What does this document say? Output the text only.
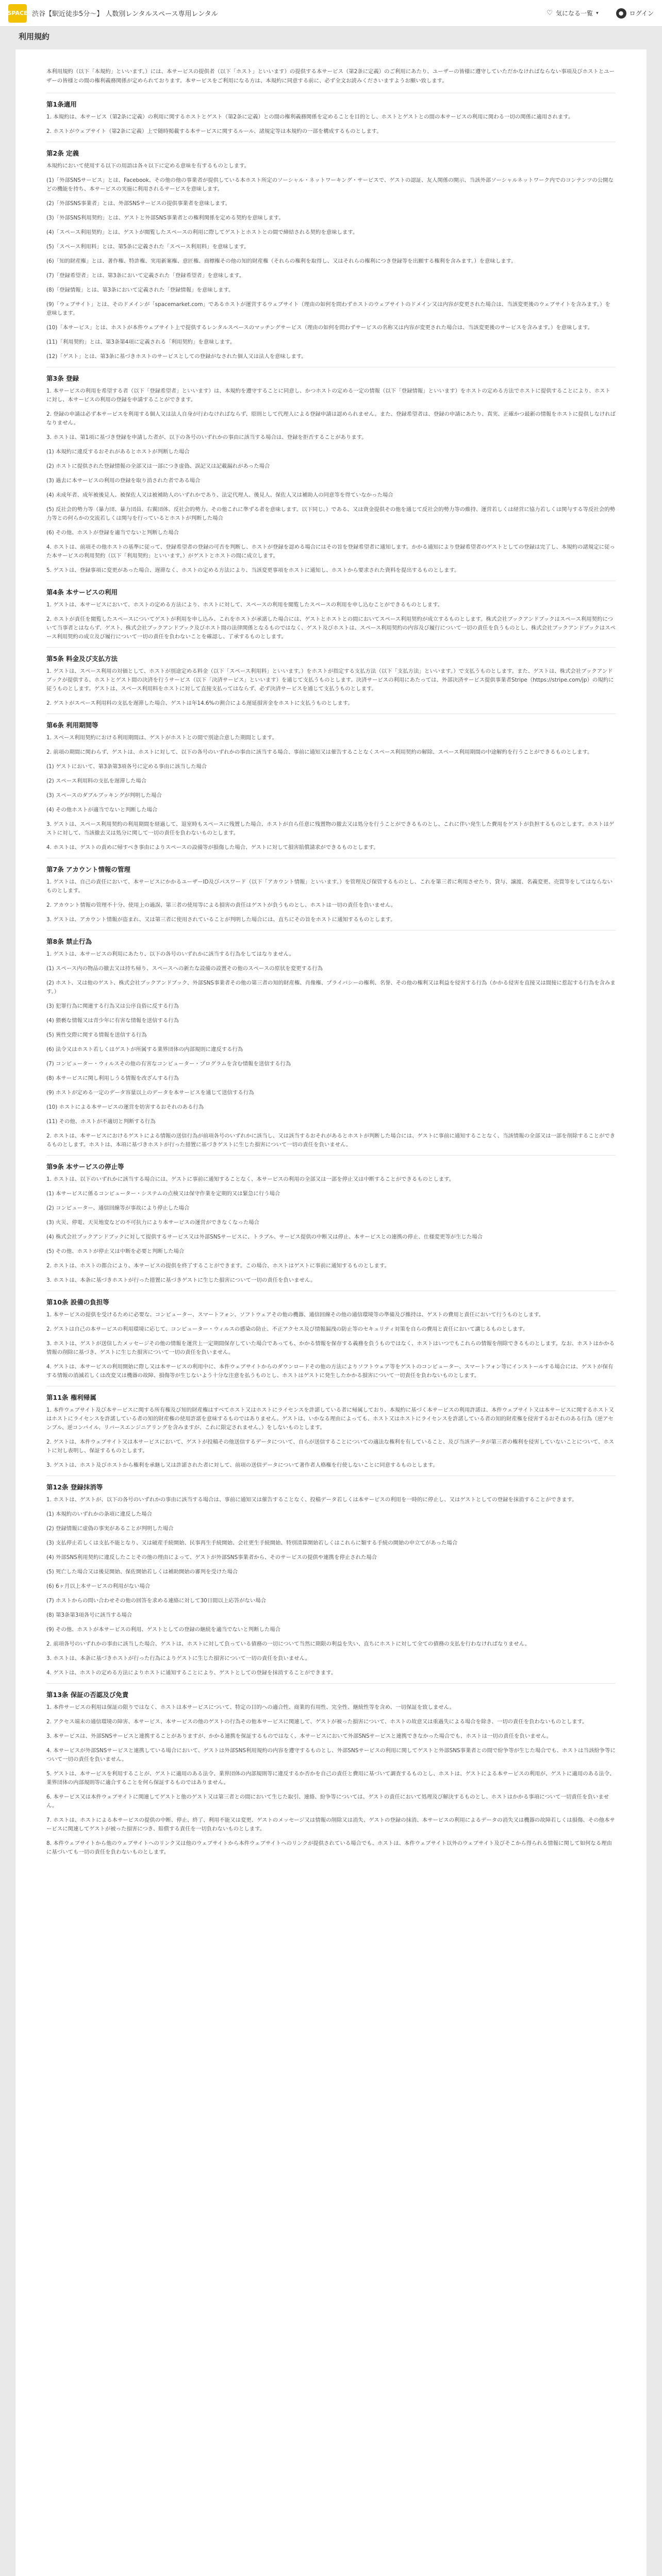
SPACE 渋谷【駅近徒歩5分〜】 人数別レンタルスペース専用レンタル	♡ 気になる一覧 ▾	● ログイン
利用規約

本利用規約（以下「本規約」といいます。）には、本サービスの提供者（以下「ホスト」といいます）の提供する本サービス（第2条に定義）のご利用にあたり、ユーザーの皆様に遵守していただかなければならない事項及びホストとユーザーの皆様との間の権利義務関係が定められております。本サービスをご利用になる方は、本規約に同意する前に、必ず全文お読みくださいますようお願い致します。

第1条適用

1. 本規約は、本サービス（第2条に定義）の利用に関するホストとゲスト（第2条に定義）との間の権利義務関係を定めることを目的とし、ホストとゲストとの間の本サービスの利用に関わる一切の関係に適用されます。

2. ホストがウェブサイト（第2条に定義）上で随時掲載する本サービスに関するルール、諸規定等は本規約の一部を構成するものとします。

第2条 定義

本規約において使用する以下の用語は各々以下に定める意味を有するものとします。

(1)「外部SNSサービス」とは、Facebook、その他の他の事業者が提供している本ホスト所定のソーシャル・ネットワーキング・サービスで、ゲストの認証、友人関係の開示、当該外部ソーシャルネットワーク内でのコンテンツの公開などの機能を持ち、本サービスの実施に利用されるサービスを意味します。

(2)「外部SNS事業者」とは、外部SNSサービスの提供事業者を意味します。

(3)「外部SNS利用契約」とは、ゲストと外部SNS事業者との権利関係を定める契約を意味します。

(4)「スペース利用契約」とは、ゲストが閲覧したスペースの利用に際してゲストとホストとの間で締結される契約を意味します。

(5)「スペース利用料」とは、第5条に定義された「スペース利用料」を意味します。

(6)「知的財産権」とは、著作権、特許権、実用新案権、意匠権、商標権その他の知的財産権（それらの権利を取得し、又はそれらの権利につき登録等を出願する権利を含みます。）を意味します。

(7)「登録希望者」とは、第3条において定義された「登録希望者」を意味します。

(8)「登録情報」とは、第3条において定義された「登録情報」を意味します。

(9)「ウェブサイト」とは、そのドメインが「spacemarket.com」であるホストが運営するウェブサイト（理由の如何を問わずホストのウェブサイトのドメイン又は内容が変更された場合は、当該変更後のウェブサイトを含みます。）を意味します。

(10)「本サービス」とは、ホストが本件ウェブサイト上で提供するレンタルスペースのマッチングサービス（理由の如何を問わずサービスの名称又は内容が変更された場合は、当該変更後のサービスを含みます。）を意味します。

(11)「利用契約」とは、第3条第4項に定義される「利用契約」を意味します。

(12)「ゲスト」とは、第3条に基づきホストのサービスとしての登録がなされた個人又は法人を意味します。

第3条 登録

1. 本サービスの利用を希望する者（以下「登録希望者」といいます）は、本規約を遵守することに同意し、かつホストの定める一定の情報（以下「登録情報」といいます）をホストの定める方法でホストに提供することにより、ホストに対し、本サービスの利用の登録を申請することができます。

2. 登録の申請は必ず本サービスを利用する個人又は法人自身が行わなければならず、原則として代理人による登録申請は認められません。また、登録希望者は、登録の申請にあたり、真実、正確かつ最新の情報をホストに提供しなければなりません。

3. ホストは、第1項に基づき登録を申請した者が、以下の各号のいずれかの事由に該当する場合は、登録を拒否することがあります。

(1) 本規約に違反するおそれがあるとホストが判断した場合

(2) ホストに提供された登録情報の全部又は一部につき虚偽、誤記又は記載漏れがあった場合

(3) 過去に本サービスの利用の登録を取り消された者である場合

(4) 未成年者、成年被後見人、被保佐人又は被補助人のいずれかであり、法定代理人、後見人、保佐人又は補助人の同意等を得ていなかった場合

(5) 反社会的勢力等（暴力団、暴力団員、右翼団体、反社会的勢力、その他これに準ずる者を意味します。以下同じ。）である、又は資金提供その他を通じて反社会的勢力等の維持、運営若しくは経営に協力若しくは関与する等反社会的勢力等との何らかの交流若しくは関与を行っているとホストが判断した場合

(6) その他、ホストが登録を適当でないと判断した場合

4. ホストは、前項その他ホストの基準に従って、登録希望者の登録の可否を判断し、ホストが登録を認める場合にはその旨を登録希望者に通知します。かかる通知により登録希望者のゲストとしての登録は完了し、本規約の諸規定に従った本サービスの利用契約（以下「利用契約」といいます。）がゲストとホストの間に成立します。

5. ゲストは、登録事項に変更があった場合、遅滞なく、ホストの定める方法により、当該変更事項をホストに通知し、ホストから要求された資料を提出するものとします。

第4条 本サービスの利用

1. ゲストは、本サービスにおいて、ホストの定める方法により、ホストに対して、スペースの利用を閲覧したスペースの利用を申し込むことができるものとします。

2. ホストが責任を閲覧したスペースについてゲストが利用を申し込み、これをホストが承諾した場合には、ゲストとホストとの間においてスペース利用契約が成立するものとします。株式会社ブックアンドブックはスペース利用契約について当事者とはならず、ゲスト、株式会社ブックアンドブック及びホスト間の法律関係となるものではなく、ゲスト及びホストは、スペース利用契約の内容及び履行について一切の責任を負うものとし、株式会社ブックアンドブックはスペース利用契約の成立及び履行について一切の責任を負わないことを確認し、了承するものとします。

第5条 料金及び支払方法

1. ゲストは、スペース利用の対価として、ホストが別途定める料金（以下「スペース利用料」といいます。）をホストが指定する支払方法（以下「支払方法」といいます。）で支払うものとします。また、ゲストは、株式会社ブックアンドブックが提供する、ホストとゲスト間の決済を行うサービス（以下「決済サービス」といいます）を通じて支払うものとします。決済サービスの利用にあたっては、外部決済サービス提供事業者Stripe（https://stripe.com/jp）の規約に従うものとします。ゲストは、スペース利用料をホストに対して直接支払ってはならず、必ず決済サービスを通じて支払うものとします。

2. ゲストがスペース利用料の支払を遅滞した場合、ゲストは年14.6%の割合による遅延損害金をホストに支払うものとします。

第6条 利用期間等

1. スペース利用契約における利用期間は、ゲストがホストとの間で別途合意した期間とします。

2. 前項の期間に関わらず、ゲストは、ホストに対して、以下の各号のいずれかの事由に該当する場合、事前に通知又は催告することなくスペース利用契約の解除、スペース利用期間の中途解約を行うことができるものとします。

(1) ゲストにおいて、第3条第3項各号に定める事由に該当した場合

(2) スペース利用料の支払を遅滞した場合

(3) スペースのダブルブッキングが判明した場合

(4) その他ホストが適当でないと判断した場合

3. ゲストは、スペース利用契約の利用期間を経過して、退室時もスペースに残置した場合、ホストが自ら任意に残置物の撤去又は処分を行うことができるものとし、これに伴い発生した費用をゲストが負担するものとします。ホストはゲストに対して、当該撤去又は処分に関して一切の責任を負わないものとします。

4. ホストは、ゲストの責めに帰すべき事由によりスペースの設備等が損傷した場合、ゲストに対して損害賠償請求ができるものとします。

第7条 アカウント情報の管理

1. ゲストは、自己の責任において、本サービスにかかるユーザーID及びパスワード（以下「アカウント情報」といいます。）を管理及び保管するものとし、これを第三者に利用させたり、貸与、譲渡、名義変更、売買等をしてはならないものとします。

2. アカウント情報の管理不十分、使用上の過誤、第三者の使用等による損害の責任はゲストが負うものとし、ホストは一切の責任を負いません。

3. ゲストは、アカウント情報が盗まれ、又は第三者に使用されていることが判明した場合には、直ちにその旨をホストに通知するものとします。

第8条 禁止行為

1. ゲストは、本サービスの利用にあたり、以下の各号のいずれかに該当する行為をしてはなりません。

(1) スペース内の物品の撤去又は持ち帰り、スペースへの新たな設備の設置その他のスペースの原状を変更する行為

(2) ホスト、又は他のゲスト、株式会社ブックアンドブック、外部SNS事業者その他の第三者の知的財産権、肖像権、プライバシーの権利、名誉、その他の権利又は利益を侵害する行為（かかる侵害を直接又は間接に惹起する行為を含みます。）

(3) 犯罪行為に関連する行為又は公序良俗に反する行為

(4) 猥褻な情報又は青少年に有害な情報を送信する行為

(5) 異性交際に関する情報を送信する行為

(6) 法令又はホスト若しくはゲストが所属する業界団体の内部規則に違反する行為

(7) コンピューター・ウィルスその他の有害なコンピューター・プログラムを含む情報を送信する行為

(8) 本サービスに関し利用しうる情報を改ざんする行為

(9) ホストが定める一定のデータ容量以上のデータを本サービスを通じて送信する行為

(10) ホストによる本サービスの運営を妨害するおそれのある行為

(11) その他、ホストが不適切と判断する行為

2. ホストは、本サービスにおけるゲストによる情報の送信行為が前項各号のいずれかに該当し、又は該当するおそれがあるとホストが判断した場合には、ゲストに事前に通知することなく、当該情報の全部又は一部を削除することができるものとします。ホストは、本項に基づきホストが行った措置に基づきゲストに生じた損害について一切の責任を負いません。

第9条 本サービスの停止等

1. ホストは、以下のいずれかに該当する場合には、ゲストに事前に通知することなく、本サービスの利用の全部又は一部を停止又は中断することができるものとします。

(1) 本サービスに係るコンピューター・システムの点検又は保守作業を定期的又は緊急に行う場合

(2) コンピューター、通信回線等が事故により停止した場合

(3) 火災、停電、天災地変などの不可抗力により本サービスの運営ができなくなった場合

(4) 株式会社ブックアンドブックに対して提供するサービス又は外部SNSサービスに、トラブル、サービス提供の中断又は停止、本サービスとの連携の停止、仕様変更等が生じた場合

(5) その他、ホストが停止又は中断を必要と判断した場合

2. ホストは、ホストの都合により、本サービスの提供を終了することができます。この場合、ホストはゲストに事前に通知するものとします。

3. ホストは、本条に基づきホストが行った措置に基づきゲストに生じた損害について一切の責任を負いません。

第10条 設備の負担等

1. 本サービスの提供を受けるために必要な、コンピューター、スマートフォン、ソフトウェアその他の機器、通信回線その他の通信環境等の準備及び維持は、ゲストの費用と責任において行うものとします。

2. ゲストは自己の本サービスの利用環境に応じて、コンピューター・ウィルスの感染の防止、不正アクセス及び情報漏洩の防止等のセキュリティ対策を自らの費用と責任において講じるものとします。

3. ホストは、ゲストが送信したメッセージその他の情報を運営上一定期間保存していた場合であっても、かかる情報を保存する義務を負うものではなく、ホストはいつでもこれらの情報を削除できるものとします。なお、ホストはかかる情報の削除に基づき、ゲストに生じた損害について一切の責任を負いません。

4. ゲストは、本サービスの利用開始に際し又は本サービスの利用中に、本件ウェブサイトからのダウンロードその他の方法によりソフトウェア等をゲストのコンピューター、スマートフォン等にインストールする場合には、ゲストが保有する情報の消滅若しくは改変又は機器の故障、損傷等が生じないよう十分な注意を払うものとし、ホストはゲストに発生したかかる損害について一切責任を負わないものとします。

第11条 権利帰属

1. 本件ウェブサイト及び本サービスに関する所有権及び知的財産権はすべてホスト又はホストにライセンスを許諾している者に帰属しており、本規約に基づく本サービスの利用許諾は、本件ウェブサイト又は本サービスに関するホスト又はホストにライセンスを許諾している者の知的財産権の使用許諾を意味するものではありません。ゲストは、いかなる理由によっても、ホスト又はホストにライセンスを許諾している者の知的財産権を侵害するおそれのある行為（逆アセンブル、逆コンパイル、リバースエンジニアリングを含みますが、これに限定されません。）をしないものとします。

2. ゲストは、本件ウェブサイト又は本サービスにおいて、ゲストが投稿その他送信するデータについて、自らが送信することについての適法な権利を有していること、及び当該データが第三者の権利を侵害していないことについて、ホストに対し表明し、保証するものとします。

3. ゲストは、ホスト及びホストから権利を承継し又は許諾された者に対して、前項の送信データについて著作者人格権を行使しないことに同意するものとします。

第12条 登録抹消等

1. ホストは、ゲストが、以下の各号のいずれかの事由に該当する場合は、事前に通知又は催告することなく、投稿データ若しくは本サービスの利用を一時的に停止し、又はゲストとしての登録を抹消することができます。

(1) 本規約のいずれかの条項に違反した場合

(2) 登録情報に虚偽の事実があることが判明した場合

(3) 支払停止若しくは支払不能となり、又は破産手続開始、民事再生手続開始、会社更生手続開始、特別清算開始若しくはこれらに類する手続の開始の申立てがあった場合

(4) 外部SNS利用契約に違反したことその他の理由によって、ゲストが外部SNS事業者から、そのサービスの提供や連携を停止された場合

(5) 死亡した場合又は後見開始、保佐開始若しくは補助開始の審判を受けた場合

(6) 6ヶ月以上本サービスの利用がない場合

(7) ホストからの問い合わせその他の回答を求める連絡に対して30日間以上応答がない場合

(8) 第3条第3項各号に該当する場合

(9) その他、ホストが本サービスの利用、ゲストとしての登録の継続を適当でないと判断した場合

2. 前項各号のいずれかの事由に該当した場合、ゲストは、ホストに対して負っている債務の一切について当然に期限の利益を失い、直ちにホストに対して全ての債務の支払を行わなければなりません。

3. ホストは、本条に基づきホストが行った行為によりゲストに生じた損害について一切の責任を負いません。

4. ゲストは、ホストの定める方法によりホストに通知することにより、ゲストとしての登録を抹消することができます。

第13条 保証の否認及び免責

1. 本件サービスの利用は保証の限りではなく、ホストは本サービスについて、特定の目的への適合性、商業的有用性、完全性、継続性等を含め、一切保証を致しません。

2. アクセス端末の通信環境の障害、本サービス、本サービスの他のゲストの行為その他本サービスに関連して、ゲストが被った損害について、ホストの故意又は重過失による場合を除き、一切の責任を負わないものとします。

3. 本サービスは、外部SNSサービスと連携することがありますが、かかる連携を保証するものではなく、本サービスにおいて外部SNSサービスと連携できなかった場合でも、ホストは一切の責任を負いません。

4. 本サービスが外部SNSサービスと連携している場合において、ゲストは外部SNS利用規約の内容を遵守するものとし、外部SNSサービスの利用に関してゲストと外部SNS事業者との間で紛争等が生じた場合でも、ホストは当該紛争等について一切の責任を負いません。

5. ゲストは、本サービスを利用することが、ゲストに適用のある法令、業界団体の内部規則等に違反するか否かを自己の責任と費用に基づいて調査するものとし、ホストは、ゲストによる本サービスの利用が、ゲストに適用のある法令、業界団体の内部規則等に適合することを何ら保証するものではありません。

6. 本サービス又は本件ウェブサイトに関連してゲストと他のゲスト又は第三者との間において生じた取引、連絡、紛争等については、ゲストの責任において処理及び解決するものとし、ホストはかかる事項について一切責任を負いません。

7. ホストは、ホストによる本サービスの提供の中断、停止、終了、利用不能又は変更、ゲストのメッセージ又は情報の削除又は消失、ゲストの登録の抹消、本サービスの利用によるデータの消失又は機器の故障若しくは損傷、その他本サービスに関連してゲストが被った損害につき、賠償する責任を一切負わないものとします。

8. 本件ウェブサイトから他のウェブサイトへのリンク又は他のウェブサイトから本件ウェブサイトへのリンクが提供されている場合でも、ホストは、本件ウェブサイト以外のウェブサイト及びそこから得られる情報に関して如何なる理由に基づいても一切の責任を負わないものとします。
